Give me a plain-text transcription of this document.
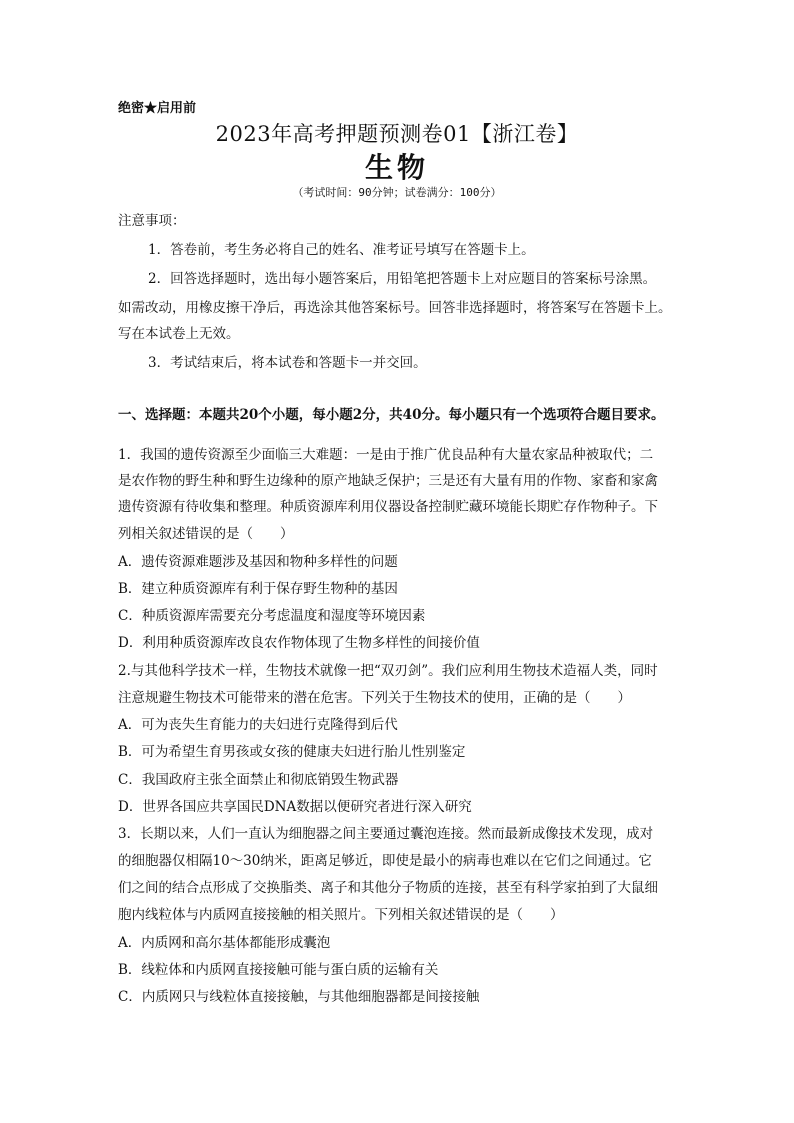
绝密★启用前
2023年高考押题预测卷01【浙江卷】
生物
（考试时间：90分钟；试卷满分：100分）
注意事项：
1．答卷前，考生务必将自己的姓名、准考证号填写在答题卡上。
2．回答选择题时，选出每小题答案后，用铅笔把答题卡上对应题目的答案标号涂黑。
如需改动，用橡皮擦干净后，再选涂其他答案标号。回答非选择题时，将答案写在答题卡上。
写在本试卷上无效。
3．考试结束后，将本试卷和答题卡一并交回。
一、选择题：本题共20个小题，每小题2分，共40分。每小题只有一个选项符合题目要求。
1．我国的遗传资源至少面临三大难题：一是由于推广优良品种有大量农家品种被取代；二
是农作物的野生种和野生边缘种的原产地缺乏保护；三是还有大量有用的作物、家畜和家禽
遗传资源有待收集和整理。种质资源库利用仪器设备控制贮藏环境能长期贮存作物种子。下
列相关叙述错误的是（　　）
A．遗传资源难题涉及基因和物种多样性的问题
B．建立种质资源库有利于保存野生物种的基因
C．种质资源库需要充分考虑温度和湿度等环境因素
D．利用种质资源库改良农作物体现了生物多样性的间接价值
2.与其他科学技术一样，生物技术就像一把“双刃剑”。我们应利用生物技术造福人类，同时
注意规避生物技术可能带来的潜在危害。下列关于生物技术的使用，正确的是（　　）
A．可为丧失生育能力的夫妇进行克隆得到后代
B．可为希望生育男孩或女孩的健康夫妇进行胎儿性别鉴定
C．我国政府主张全面禁止和彻底销毁生物武器
D．世界各国应共享国民DNA数据以便研究者进行深入研究
3．长期以来，人们一直认为细胞器之间主要通过囊泡连接。然而最新成像技术发现，成对
的细胞器仅相隔10～30纳米，距离足够近，即使是最小的病毒也难以在它们之间通过。它
们之间的结合点形成了交换脂类、离子和其他分子物质的连接，甚至有科学家拍到了大鼠细
胞内线粒体与内质网直接接触的相关照片。下列相关叙述错误的是（　　）
A．内质网和高尔基体都能形成囊泡
B．线粒体和内质网直接接触可能与蛋白质的运输有关
C．内质网只与线粒体直接接触，与其他细胞器都是间接接触
